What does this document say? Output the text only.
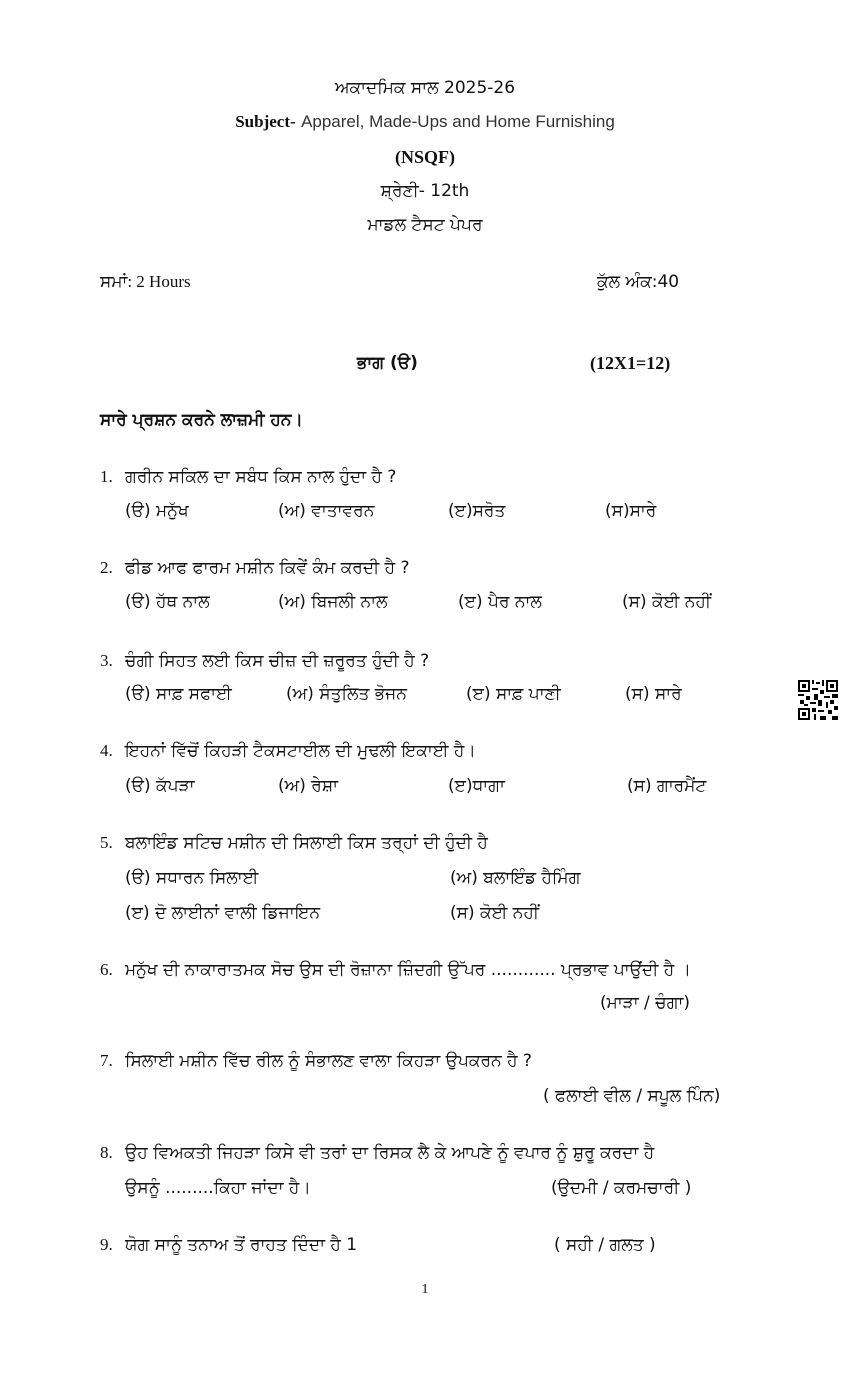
ਅਕਾਦਮਿਕ ਸਾਲ 2025-26
Subject- Apparel, Made-Ups and Home Furnishing
(NSQF)
ਸ਼੍ਰੇਣੀ- 12th
ਮਾਡਲ ਟੈਸਟ ਪੇਪਰ
ਸਮਾਂ: 2 Hours	ਕੁੱਲ ਅੰਕ:40
ਭਾਗ (ੳ)	(12X1=12)
ਸਾਰੇ ਪ੍ਰਸ਼ਨ ਕਰਨੇ ਲਾਜ਼ਮੀ ਹਨ।
1. ਗਰੀਨ ਸਕਿਲ ਦਾ ਸਬੰਧ ਕਿਸ ਨਾਲ ਹੁੰਦਾ ਹੈ ?
(ੳ) ਮਨੁੱਖ	(ਅ) ਵਾਤਾਵਰਨ	(ੲ)ਸਰੋਤ	(ਸ)ਸਾਰੇ
2. ਫੀਡ ਆਫ ਫਾਰਮ ਮਸ਼ੀਨ ਕਿਵੇਂ ਕੰਮ ਕਰਦੀ ਹੈ ?
(ੳ) ਹੱਥ ਨਾਲ	(ਅ) ਬਿਜਲੀ ਨਾਲ	(ੲ) ਪੈਰ ਨਾਲ	(ਸ) ਕੋਈ ਨਹੀਂ
3. ਚੰਗੀ ਸਿਹਤ ਲਈ ਕਿਸ ਚੀਜ਼ ਦੀ ਜ਼ਰੂਰਤ ਹੁੰਦੀ ਹੈ ?
(ੳ) ਸਾਫ਼ ਸਫਾਈ	(ਅ) ਸੰਤੁਲਿਤ ਭੋਜਨ	(ੲ) ਸਾਫ਼ ਪਾਣੀ	(ਸ) ਸਾਰੇ
4. ਇਹਨਾਂ ਵਿੱਚੋਂ ਕਿਹੜੀ ਟੈਕਸਟਾਈਲ ਦੀ ਮੁਢਲੀ ਇਕਾਈ ਹੈ।
(ੳ) ਕੱਪੜਾ	(ਅ) ਰੇਸ਼ਾ	(ੲ)ਧਾਗਾ	(ਸ) ਗਾਰਮੈਂਟ
5. ਬਲਾਇੰਡ ਸਟਿਚ ਮਸ਼ੀਨ ਦੀ ਸਿਲਾਈ ਕਿਸ ਤਰ੍ਹਾਂ ਦੀ ਹੁੰਦੀ ਹੈ
(ੳ) ਸਧਾਰਨ ਸਿਲਾਈ	(ਅ) ਬਲਾਇੰਡ ਹੈਮਿੰਗ
(ੲ) ਦੋ ਲਾਈਨਾਂ ਵਾਲੀ ਡਿਜਾਇਨ	(ਸ) ਕੋਈ ਨਹੀਂ
6. ਮਨੁੱਖ ਦੀ ਨਾਕਾਰਾਤਮਕ ਸੋਚ ਉਸ ਦੀ ਰੋਜ਼ਾਨਾ ਜ਼ਿੰਦਗੀ ਉੱਪਰ ............ ਪ੍ਰਭਾਵ ਪਾਉਂਦੀ ਹੈ ।
(ਮਾੜਾ / ਚੰਗਾ)
7. ਸਿਲਾਈ ਮਸ਼ੀਨ ਵਿੱਚ ਰੀਲ ਨੂੰ ਸੰਭਾਲਣ ਵਾਲਾ ਕਿਹੜਾ ਉਪਕਰਨ ਹੈ ?
( ਫਲਾਈ ਵੀਲ / ਸਪੂਲ ਪਿੰਨ)
8. ਉਹ ਵਿਅਕਤੀ ਜਿਹੜਾ ਕਿਸੇ ਵੀ ਤਰਾਂ ਦਾ ਰਿਸਕ ਲੈ ਕੇ ਆਪਣੇ ਨੂੰ ਵਪਾਰ ਨੂੰ ਸ਼ੁਰੂ ਕਰਦਾ ਹੈ
ਉਸਨੂੰ .........ਕਿਹਾ ਜਾਂਦਾ ਹੈ।	(ਉਦਮੀ / ਕਰਮਚਾਰੀ )
9. ਯੋਗ ਸਾਨੂੰ ਤਨਾਅ ਤੋਂ ਰਾਹਤ ਦਿੰਦਾ ਹੈ 1	( ਸਹੀ / ਗਲਤ )
1
